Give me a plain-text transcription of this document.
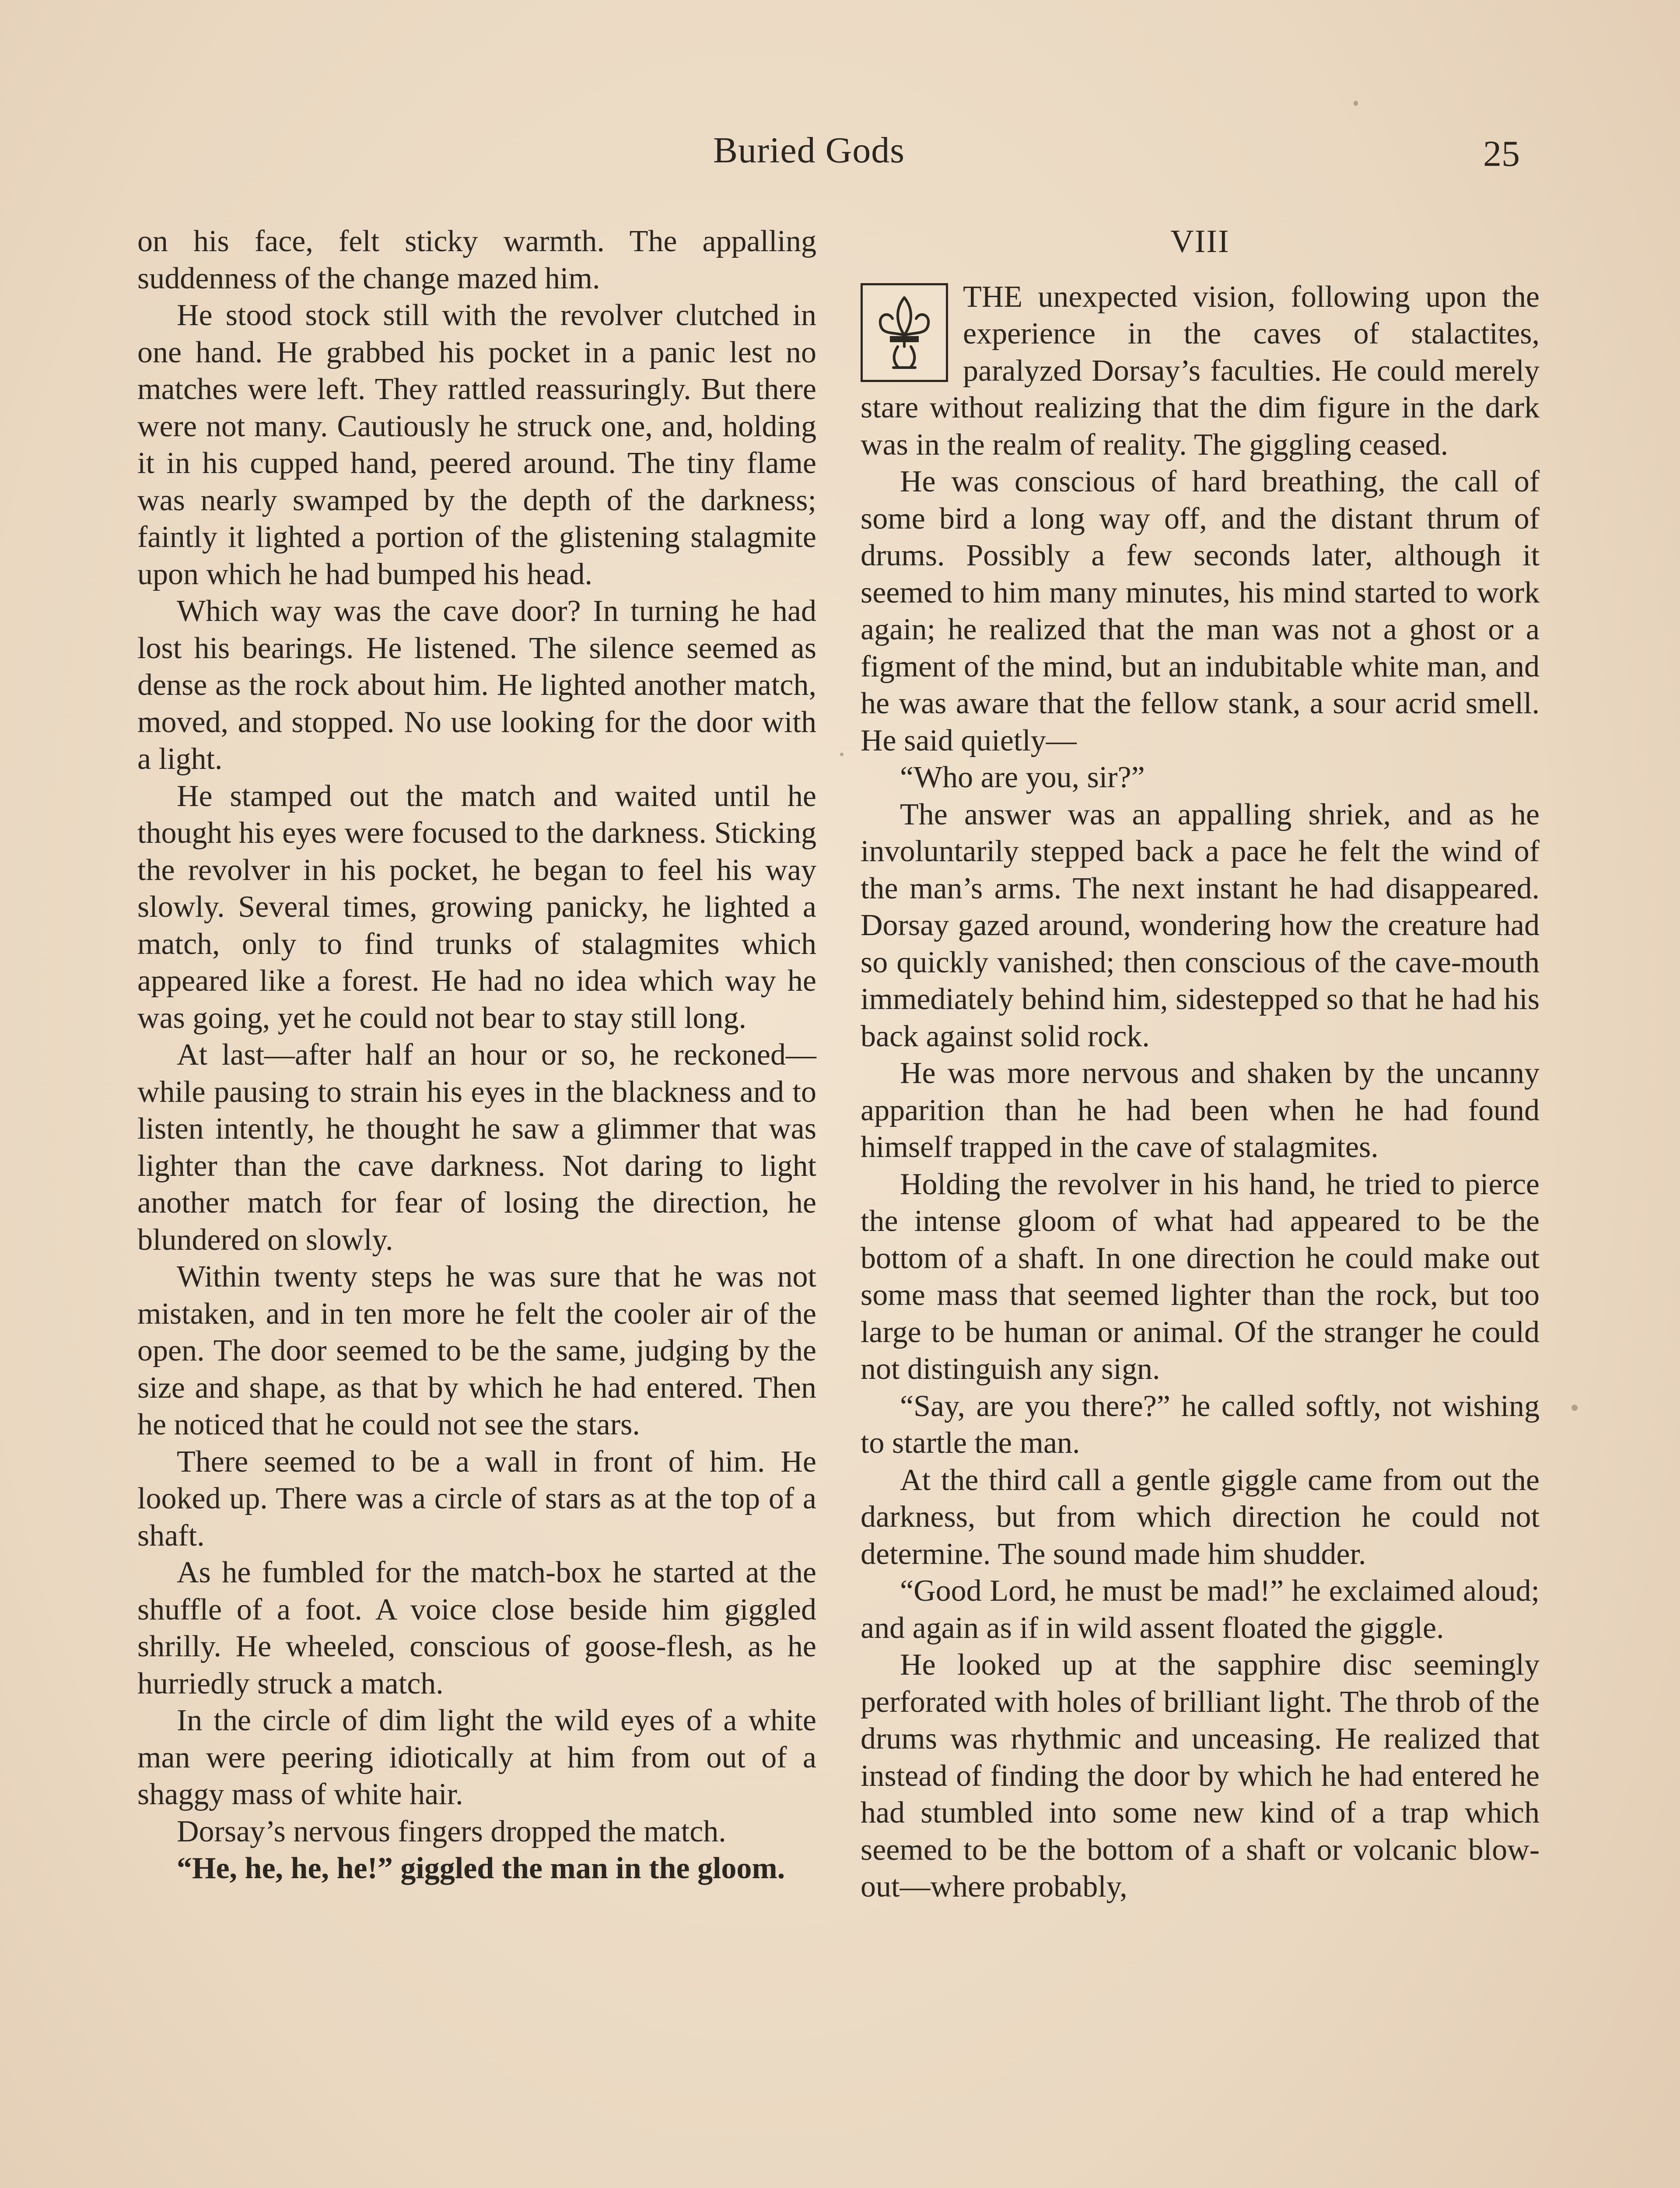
Buried Gods	25

on his face, felt sticky warmth. The appalling suddenness of the change mazed him.

He stood stock still with the revolver clutched in one hand. He grabbed his pocket in a panic lest no matches were left. They rattled reassuringly. But there were not many. Cautiously he struck one, and, holding it in his cupped hand, peered around. The tiny flame was nearly swamped by the depth of the darkness; faintly it lighted a portion of the glistening stalagmite upon which he had bumped his head.

Which way was the cave door? In turning he had lost his bearings. He listened. The silence seemed as dense as the rock about him. He lighted another match, moved, and stopped. No use looking for the door with a light.

He stamped out the match and waited until he thought his eyes were focused to the darkness. Sticking the revolver in his pocket, he began to feel his way slowly. Several times, growing panicky, he lighted a match, only to find trunks of stalagmites which appeared like a forest. He had no idea which way he was going, yet he could not bear to stay still long.

At last—after half an hour or so, he reckoned—while pausing to strain his eyes in the blackness and to listen intently, he thought he saw a glimmer that was lighter than the cave darkness. Not daring to light another match for fear of losing the direction, he blundered on slowly.

Within twenty steps he was sure that he was not mistaken, and in ten more he felt the cooler air of the open. The door seemed to be the same, judging by the size and shape, as that by which he had entered. Then he noticed that he could not see the stars.

There seemed to be a wall in front of him. He looked up. There was a circle of stars as at the top of a shaft.

As he fumbled for the match-box he started at the shuffle of a foot. A voice close beside him giggled shrilly. He wheeled, conscious of goose-flesh, as he hurriedly struck a match.

In the circle of dim light the wild eyes of a white man were peering idiotically at him from out of a shaggy mass of white hair.

Dorsay’s nervous fingers dropped the match.

“He, he, he, he!” giggled the man in the gloom.

VIII

THE unexpected vision, following upon the experience in the caves of stalactites, paralyzed Dorsay’s faculties. He could merely stare without realizing that the dim figure in the dark was in the realm of reality. The giggling ceased.

He was conscious of hard breathing, the call of some bird a long way off, and the distant thrum of drums. Possibly a few seconds later, although it seemed to him many minutes, his mind started to work again; he realized that the man was not a ghost or a figment of the mind, but an indubitable white man, and he was aware that the fellow stank, a sour acrid smell. He said quietly—

“Who are you, sir?”

The answer was an appalling shriek, and as he involuntarily stepped back a pace he felt the wind of the man’s arms. The next instant he had disappeared. Dorsay gazed around, wondering how the creature had so quickly vanished; then conscious of the cave-mouth immediately behind him, sidestepped so that he had his back against solid rock.

He was more nervous and shaken by the uncanny apparition than he had been when he had found himself trapped in the cave of stalagmites.

Holding the revolver in his hand, he tried to pierce the intense gloom of what had appeared to be the bottom of a shaft. In one direction he could make out some mass that seemed lighter than the rock, but too large to be human or animal. Of the stranger he could not distinguish any sign.

“Say, are you there?” he called softly, not wishing to startle the man.

At the third call a gentle giggle came from out the darkness, but from which direction he could not determine. The sound made him shudder.

“Good Lord, he must be mad!” he exclaimed aloud; and again as if in wild assent floated the giggle.

He looked up at the sapphire disc seemingly perforated with holes of brilliant light. The throb of the drums was rhythmic and unceasing. He realized that instead of finding the door by which he had entered he had stumbled into some new kind of a trap which seemed to be the bottom of a shaft or volcanic blow-out—where probably,
